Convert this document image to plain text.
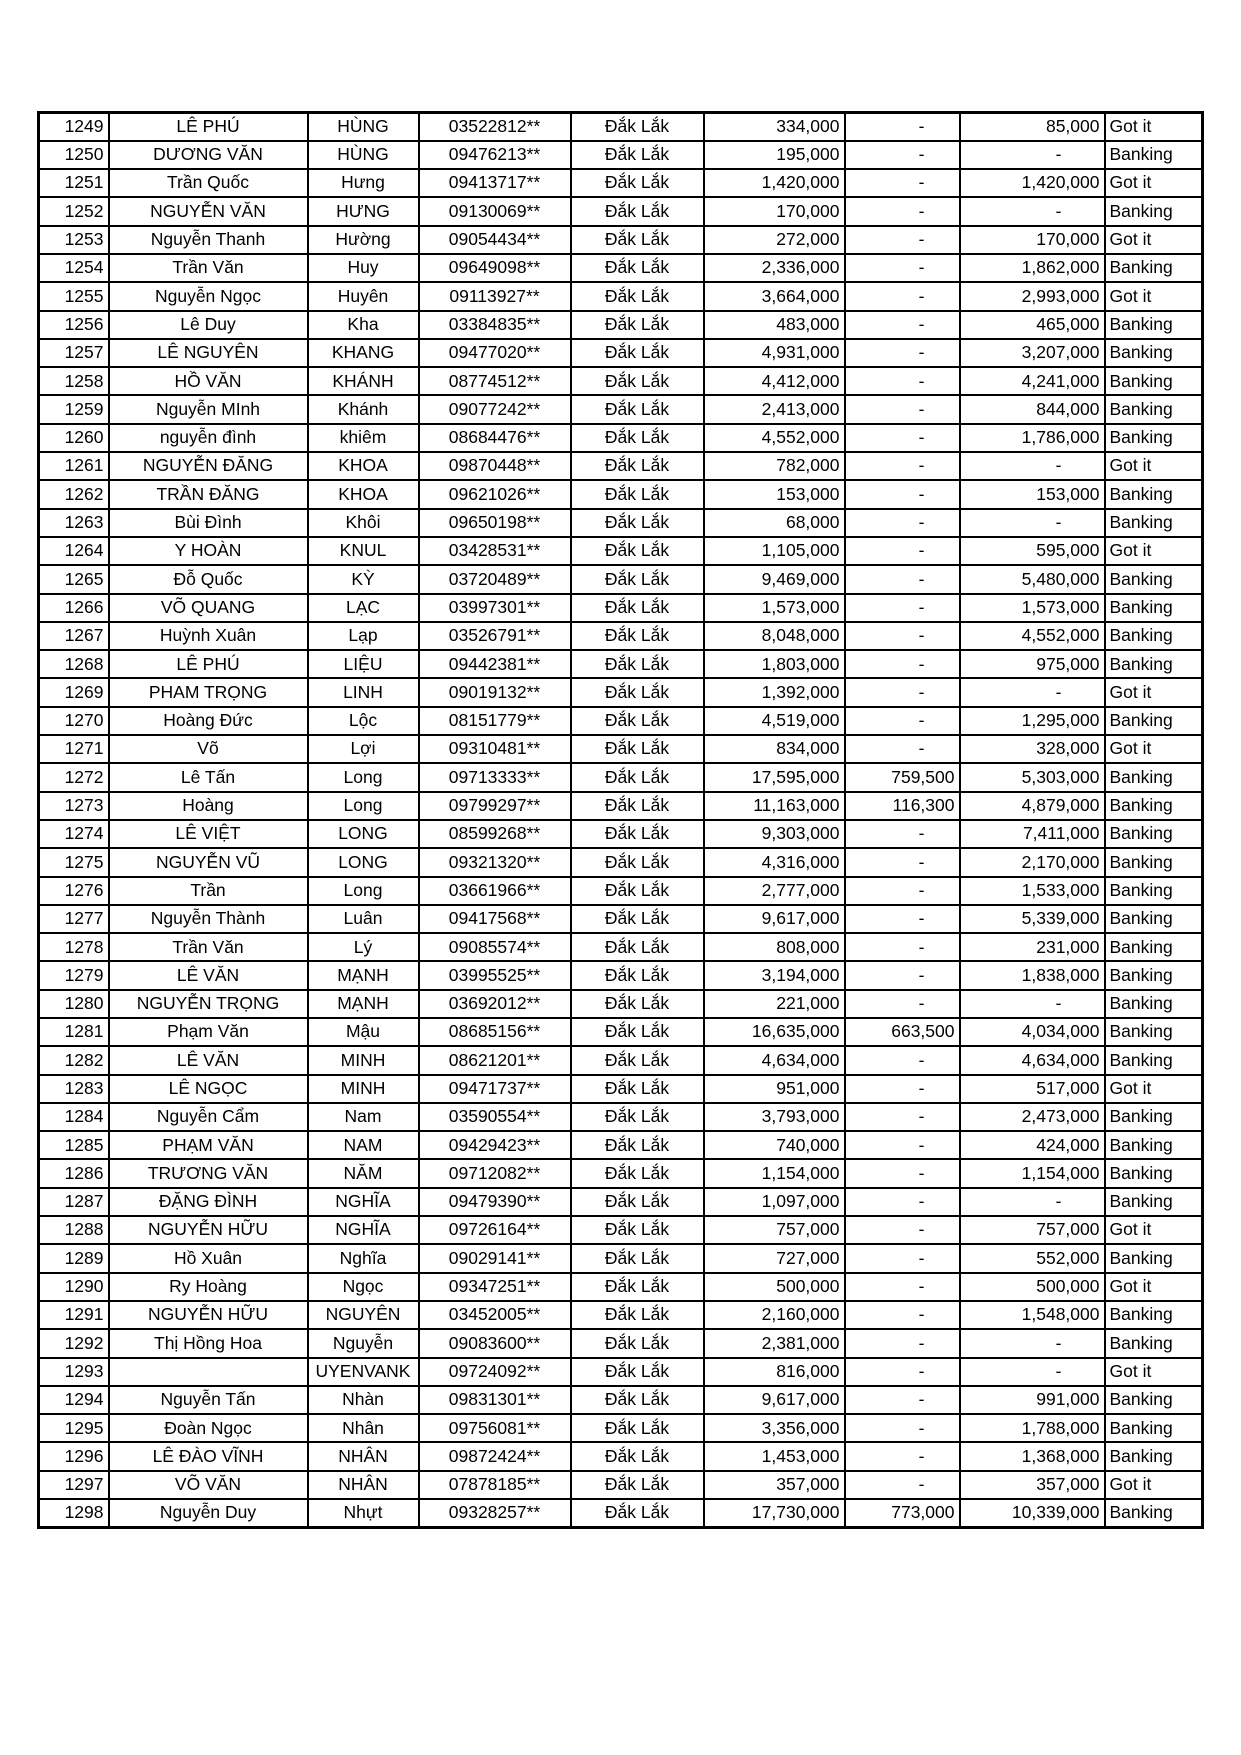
1249	LÊ PHÚ	HÙNG	03522812**	Đắk Lắk	334,000	-	85,000	Got it
1250	DƯƠNG VĂN	HÙNG	09476213**	Đắk Lắk	195,000	-	-	Banking
1251	Trần Quốc	Hưng	09413717**	Đắk Lắk	1,420,000	-	1,420,000	Got it
1252	NGUYỄN VĂN	HƯNG	09130069**	Đắk Lắk	170,000	-	-	Banking
1253	Nguyễn Thanh	Hường	09054434**	Đắk Lắk	272,000	-	170,000	Got it
1254	Trần Văn	Huy	09649098**	Đắk Lắk	2,336,000	-	1,862,000	Banking
1255	Nguyễn Ngọc	Huyên	09113927**	Đắk Lắk	3,664,000	-	2,993,000	Got it
1256	Lê Duy	Kha	03384835**	Đắk Lắk	483,000	-	465,000	Banking
1257	LÊ NGUYÊN	KHANG	09477020**	Đắk Lắk	4,931,000	-	3,207,000	Banking
1258	HỒ VĂN	KHÁNH	08774512**	Đắk Lắk	4,412,000	-	4,241,000	Banking
1259	Nguyễn MInh	Khánh	09077242**	Đắk Lắk	2,413,000	-	844,000	Banking
1260	nguyễn đình	khiêm	08684476**	Đắk Lắk	4,552,000	-	1,786,000	Banking
1261	NGUYỄN ĐĂNG	KHOA	09870448**	Đắk Lắk	782,000	-	-	Got it
1262	TRẦN ĐĂNG	KHOA	09621026**	Đắk Lắk	153,000	-	153,000	Banking
1263	Bùi Đình	Khôi	09650198**	Đắk Lắk	68,000	-	-	Banking
1264	Y HOÀN	KNUL	03428531**	Đắk Lắk	1,105,000	-	595,000	Got it
1265	Đỗ Quốc	KỲ	03720489**	Đắk Lắk	9,469,000	-	5,480,000	Banking
1266	VÕ QUANG	LẠC	03997301**	Đắk Lắk	1,573,000	-	1,573,000	Banking
1267	Huỳnh Xuân	Lạp	03526791**	Đắk Lắk	8,048,000	-	4,552,000	Banking
1268	LÊ PHÚ	LIỆU	09442381**	Đắk Lắk	1,803,000	-	975,000	Banking
1269	PHAM TRỌNG	LINH	09019132**	Đắk Lắk	1,392,000	-	-	Got it
1270	Hoàng Đức	Lộc	08151779**	Đắk Lắk	4,519,000	-	1,295,000	Banking
1271	Võ	Lợi	09310481**	Đắk Lắk	834,000	-	328,000	Got it
1272	Lê Tấn	Long	09713333**	Đắk Lắk	17,595,000	759,500	5,303,000	Banking
1273	Hoàng	Long	09799297**	Đắk Lắk	11,163,000	116,300	4,879,000	Banking
1274	LÊ VIỆT	LONG	08599268**	Đắk Lắk	9,303,000	-	7,411,000	Banking
1275	NGUYỄN VŨ	LONG	09321320**	Đắk Lắk	4,316,000	-	2,170,000	Banking
1276	Trần	Long	03661966**	Đắk Lắk	2,777,000	-	1,533,000	Banking
1277	Nguyễn Thành	Luân	09417568**	Đắk Lắk	9,617,000	-	5,339,000	Banking
1278	Trần Văn	Lý	09085574**	Đắk Lắk	808,000	-	231,000	Banking
1279	LÊ VĂN	MẠNH	03995525**	Đắk Lắk	3,194,000	-	1,838,000	Banking
1280	NGUYỄN TRỌNG	MẠNH	03692012**	Đắk Lắk	221,000	-	-	Banking
1281	Phạm Văn	Mậu	08685156**	Đắk Lắk	16,635,000	663,500	4,034,000	Banking
1282	LÊ VĂN	MINH	08621201**	Đắk Lắk	4,634,000	-	4,634,000	Banking
1283	LÊ NGỌC	MINH	09471737**	Đắk Lắk	951,000	-	517,000	Got it
1284	Nguyễn Cẩm	Nam	03590554**	Đắk Lắk	3,793,000	-	2,473,000	Banking
1285	PHẠM VĂN	NAM	09429423**	Đắk Lắk	740,000	-	424,000	Banking
1286	TRƯƠNG VĂN	NĂM	09712082**	Đắk Lắk	1,154,000	-	1,154,000	Banking
1287	ĐẶNG ĐÌNH	NGHĨA	09479390**	Đắk Lắk	1,097,000	-	-	Banking
1288	NGUYỄN HỮU	NGHĨA	09726164**	Đắk Lắk	757,000	-	757,000	Got it
1289	Hồ Xuân	Nghĩa	09029141**	Đắk Lắk	727,000	-	552,000	Banking
1290	Ry Hoàng	Ngọc	09347251**	Đắk Lắk	500,000	-	500,000	Got it
1291	NGUYỄN HỮU	NGUYÊN	03452005**	Đắk Lắk	2,160,000	-	1,548,000	Banking
1292	Thị Hồng Hoa	Nguyễn	09083600**	Đắk Lắk	2,381,000	-	-	Banking
1293		UYENVANK	09724092**	Đắk Lắk	816,000	-	-	Got it
1294	Nguyễn Tấn	Nhàn	09831301**	Đắk Lắk	9,617,000	-	991,000	Banking
1295	Đoàn Ngọc	Nhân	09756081**	Đắk Lắk	3,356,000	-	1,788,000	Banking
1296	LÊ ĐÀO VĨNH	NHÂN	09872424**	Đắk Lắk	1,453,000	-	1,368,000	Banking
1297	VÕ VĂN	NHÂN	07878185**	Đắk Lắk	357,000	-	357,000	Got it
1298	Nguyễn Duy	Nhựt	09328257**	Đắk Lắk	17,730,000	773,000	10,339,000	Banking
